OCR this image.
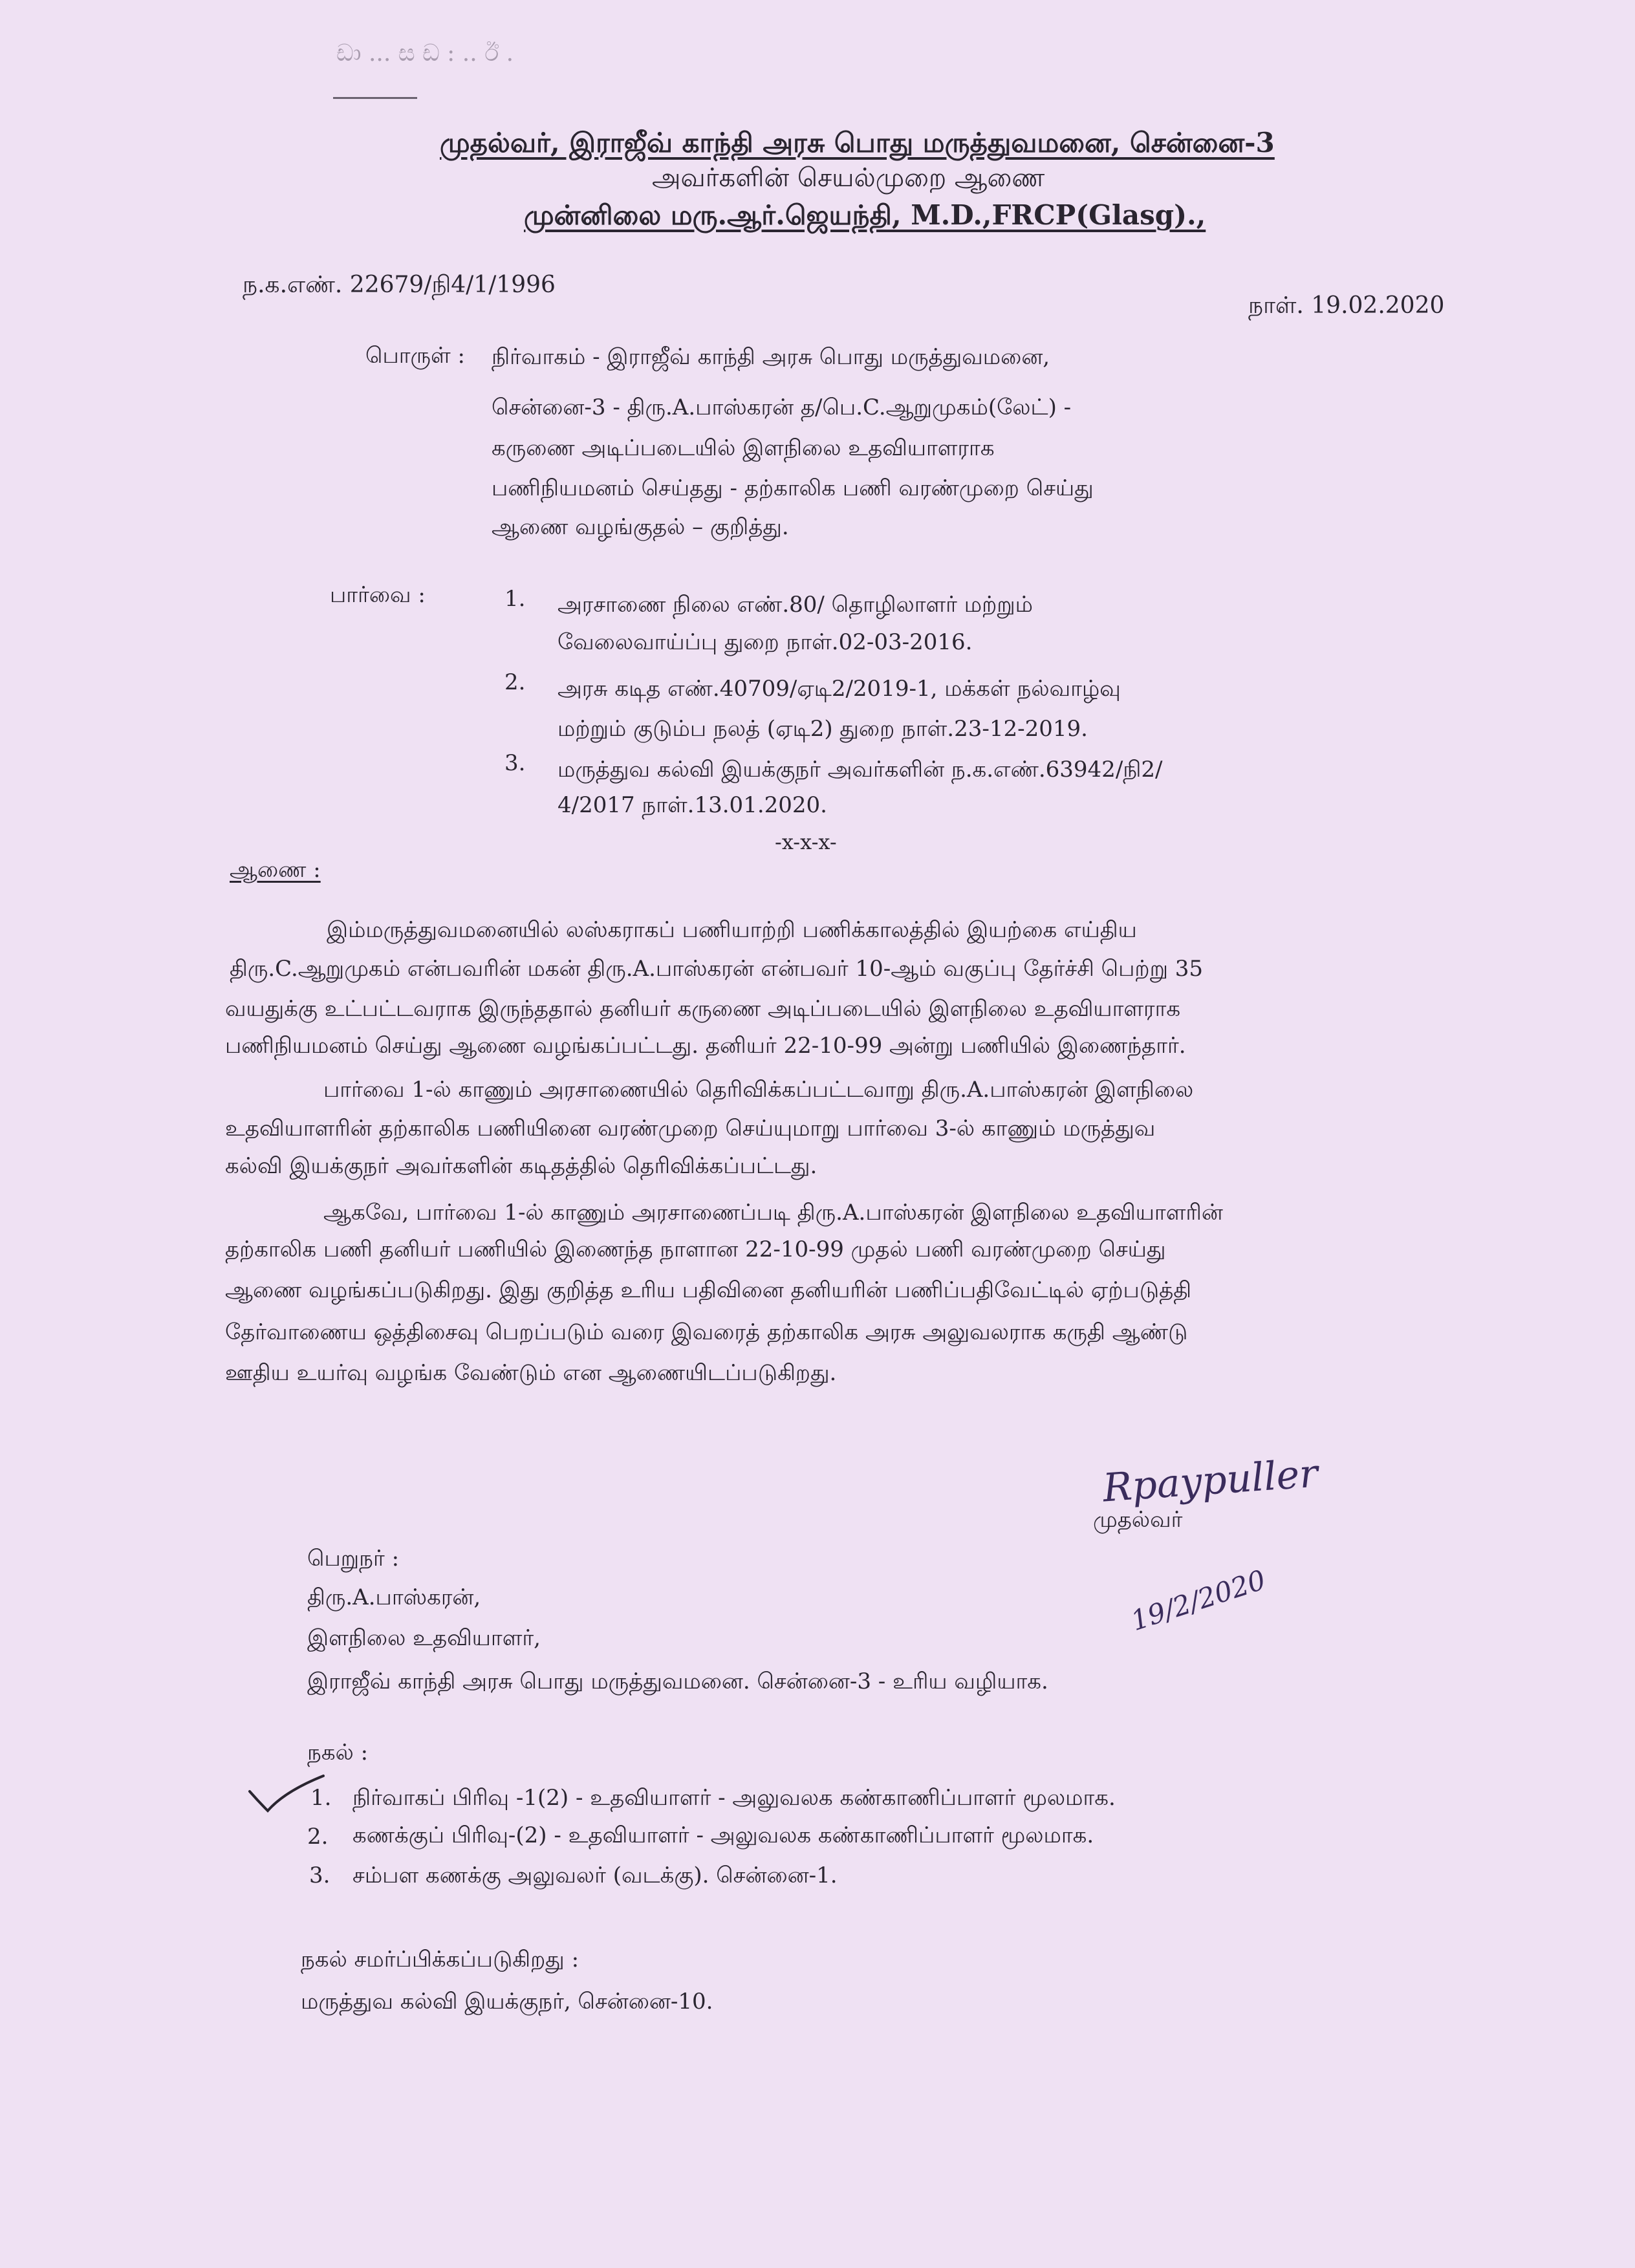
ඩා ... ස ඩ : .. ඊ .
முதல்வர், இராஜீவ் காந்தி அரசு பொது மருத்துவமனை, சென்னை-3
அவர்களின் செயல்முறை ஆணை
முன்னிலை மரு.ஆர்.ஜெயந்தி, M.D.,FRCP(Glasg).,
ந.க.எண். 22679/நி4/1/1996
நாள். 19.02.2020
பொருள் : நிர்வாகம் - இராஜீவ் காந்தி அரசு பொது மருத்துவமனை,
சென்னை-3 - திரு.A.பாஸ்கரன் த/பெ.C.ஆறுமுகம்(லேட்) -
கருணை அடிப்படையில் இளநிலை உதவியாளராக
பணிநியமனம் செய்தது - தற்காலிக பணி வரண்முறை செய்து
ஆணை வழங்குதல் – குறித்து.
பார்வை :	1. அரசாணை நிலை எண்.80/ தொழிலாளர் மற்றும்
வேலைவாய்ப்பு துறை நாள்.02-03-2016.
2. அரசு கடித எண்.40709/ஏடி2/2019-1, மக்கள் நல்வாழ்வு
மற்றும் குடும்ப நலத் (ஏடி2) துறை நாள்.23-12-2019.
3. மருத்துவ கல்வி இயக்குநர் அவர்களின் ந.க.எண்.63942/நி2/
4/2017 நாள்.13.01.2020.
-x-x-x-
ஆணை :
இம்மருத்துவமனையில் லஸ்கராகப் பணியாற்றி பணிக்காலத்தில் இயற்கை எய்திய
திரு.C.ஆறுமுகம் என்பவரின் மகன் திரு.A.பாஸ்கரன் என்பவர் 10-ஆம் வகுப்பு தேர்ச்சி பெற்று 35
வயதுக்கு உட்பட்டவராக இருந்ததால் தனியர் கருணை அடிப்படையில் இளநிலை உதவியாளராக
பணிநியமனம் செய்து ஆணை வழங்கப்பட்டது. தனியர் 22-10-99 அன்று பணியில் இணைந்தார்.
பார்வை 1-ல் காணும் அரசாணையில் தெரிவிக்கப்பட்டவாறு திரு.A.பாஸ்கரன் இளநிலை
உதவியாளரின் தற்காலிக பணியினை வரண்முறை செய்யுமாறு பார்வை 3-ல் காணும் மருத்துவ
கல்வி இயக்குநர் அவர்களின் கடிதத்தில் தெரிவிக்கப்பட்டது.
ஆகவே, பார்வை 1-ல் காணும் அரசாணைப்படி திரு.A.பாஸ்கரன் இளநிலை உதவியாளரின்
தற்காலிக பணி தனியர் பணியில் இணைந்த நாளான 22-10-99 முதல் பணி வரண்முறை செய்து
ஆணை வழங்கப்படுகிறது. இது குறித்த உரிய பதிவினை தனியரின் பணிப்பதிவேட்டில் ஏற்படுத்தி
தேர்வாணைய ஒத்திசைவு பெறப்படும் வரை இவரைத் தற்காலிக அரசு அலுவலராக கருதி ஆண்டு
ஊதிய உயர்வு வழங்க வேண்டும் என ஆணையிடப்படுகிறது.
Rpaypuller
முதல்வர்
19/2/2020
பெறுநர் :
திரு.A.பாஸ்கரன்,
இளநிலை உதவியாளர்,
இராஜீவ் காந்தி அரசு பொது மருத்துவமனை. சென்னை-3 - உரிய வழியாக.
நகல் :
1. நிர்வாகப் பிரிவு -1(2) - உதவியாளர் - அலுவலக கண்காணிப்பாளர் மூலமாக.
2. கணக்குப் பிரிவு-(2) - உதவியாளர் - அலுவலக கண்காணிப்பாளர் மூலமாக.
3. சம்பள கணக்கு அலுவலர் (வடக்கு). சென்னை-1.
நகல் சமர்ப்பிக்கப்படுகிறது :
மருத்துவ கல்வி இயக்குநர், சென்னை-10.
